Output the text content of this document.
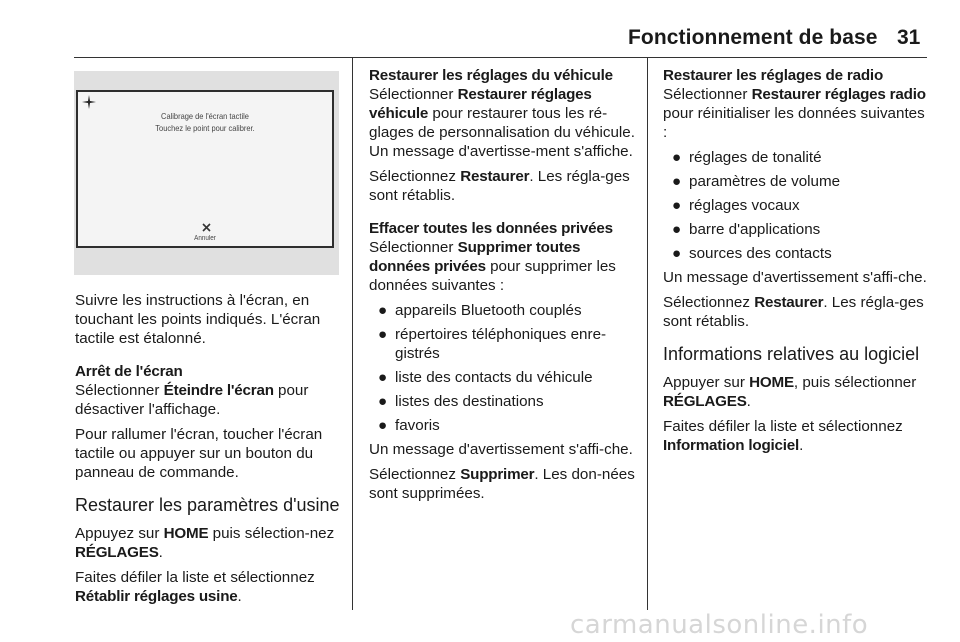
Fonctionnement de base 31
Calibrage de l'écran tactile
Touchez le point pour calibrer.
Annuler

Suivre les instructions à l'écran, en touchant les points indiqués. L'écran tactile est étalonné.

Arrêt de l'écran

Sélectionner Éteindre l'écran pour désactiver l'affichage.

Pour rallumer l'écran, toucher l'écran tactile ou appuyer sur un bouton du panneau de commande.

Restaurer les paramètres d'usine

Appuyez sur HOME puis sélection-nez RÉGLAGES.

Faites défiler la liste et sélectionnez Rétablir réglages usine.

Restaurer les réglages du véhicule

Sélectionner Restaurer réglages véhicule pour restaurer tous les ré-glages de personnalisation du véhicule. Un message d'avertisse-ment s'affiche.

Sélectionnez Restaurer. Les régla-ges sont rétablis.

Effacer toutes les données privées

Sélectionner Supprimer toutes données privées pour supprimer les données suivantes :

● appareils Bluetooth couplés
● répertoires téléphoniques enre-gistrés
● liste des contacts du véhicule
● listes des destinations
● favoris

Un message d'avertissement s'affi-che.

Sélectionnez Supprimer. Les don-nées sont supprimées.

Restaurer les réglages de radio

Sélectionner Restaurer réglages radio pour réinitialiser les données suivantes :

● réglages de tonalité
● paramètres de volume
● réglages vocaux
● barre d'applications
● sources des contacts

Un message d'avertissement s'affi-che.

Sélectionnez Restaurer. Les régla-ges sont rétablis.

Informations relatives au logiciel

Appuyer sur HOME, puis sélectionner RÉGLAGES.

Faites défiler la liste et sélectionnez Information logiciel.

carmanualsonline.info
